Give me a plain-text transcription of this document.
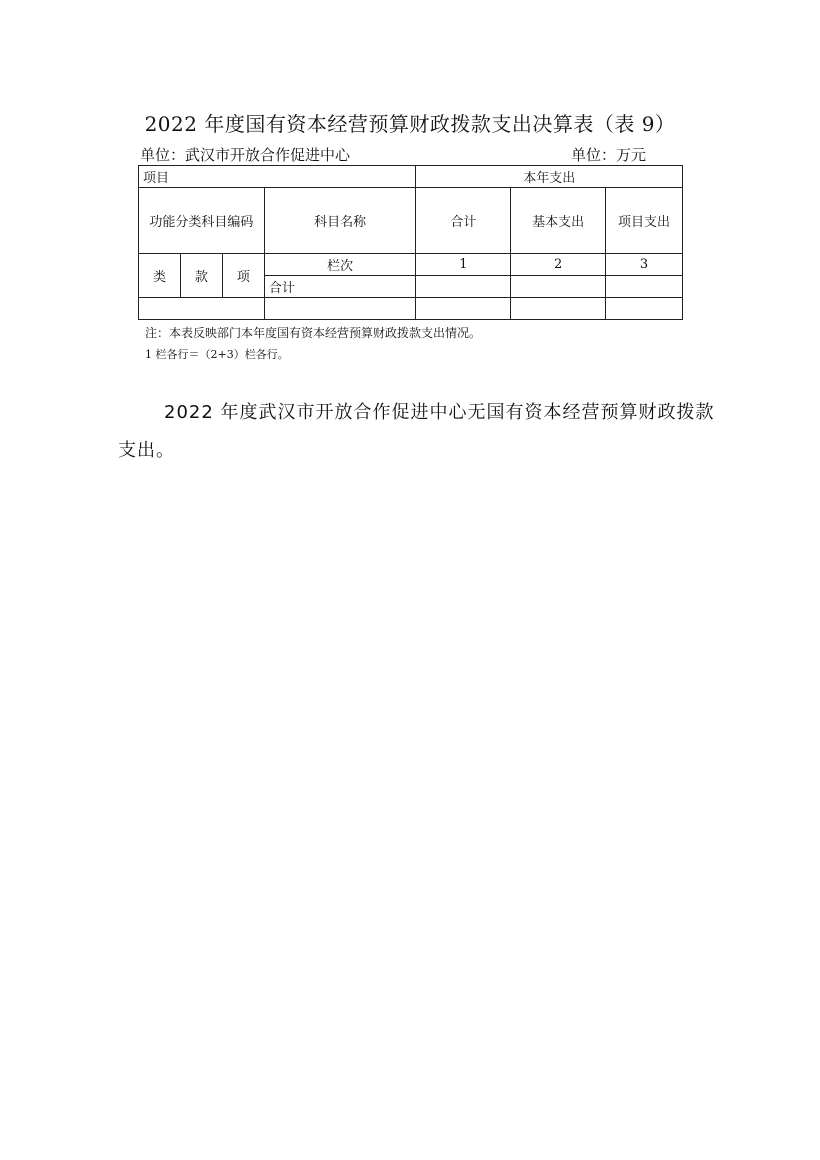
2022 年度国有资本经营预算财政拨款支出决算表（表 9）
单位：武汉市开放合作促进中心	单位：万元
项目				本年支出		
功能分类科目编码			科目名称	合计	基本支出	项目支出
类	款	项	栏次	1	2	3
			合计			

注：本表反映部门本年度国有资本经营预算财政拨款支出情况。
1 栏各行＝（2+3）栏各行。
2022 年度武汉市开放合作促进中心无国有资本经营预算财政拨款支出。
